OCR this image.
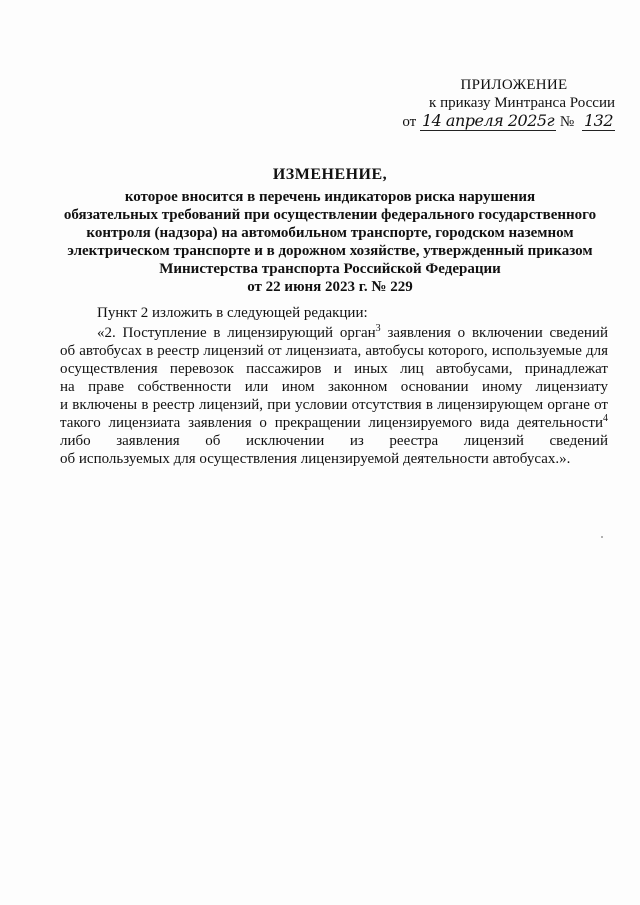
ПРИЛОЖЕНИЕ
к приказу Минтранса России
от 14 апреля 2025г № 132
ИЗМЕНЕНИЕ,
которое вносится в перечень индикаторов риска нарушения
обязательных требований при осуществлении федерального государственного
контроля (надзора) на автомобильном транспорте, городском наземном
электрическом транспорте и в дорожном хозяйстве, утвержденный приказом
Министерства транспорта Российской Федерации
от 22 июня 2023 г. № 229
Пункт 2 изложить в следующей редакции:
«2. Поступление в лицензирующий орган$^3$ заявления о включении сведений
об автобусах в реестр лицензий от лицензиата, автобусы которого, используемые для
осуществления перевозок пассажиров и иных лиц автобусами, принадлежат
на праве собственности или ином законном основании иному лицензиату
и включены в реестр лицензий, при условии отсутствия в лицензирующем органе от
такого лицензиата заявления о прекращении лицензируемого вида деятельности$^4$
либо заявления об исключении из реестра лицензий сведений
об используемых для осуществления лицензируемой деятельности автобусах.».
